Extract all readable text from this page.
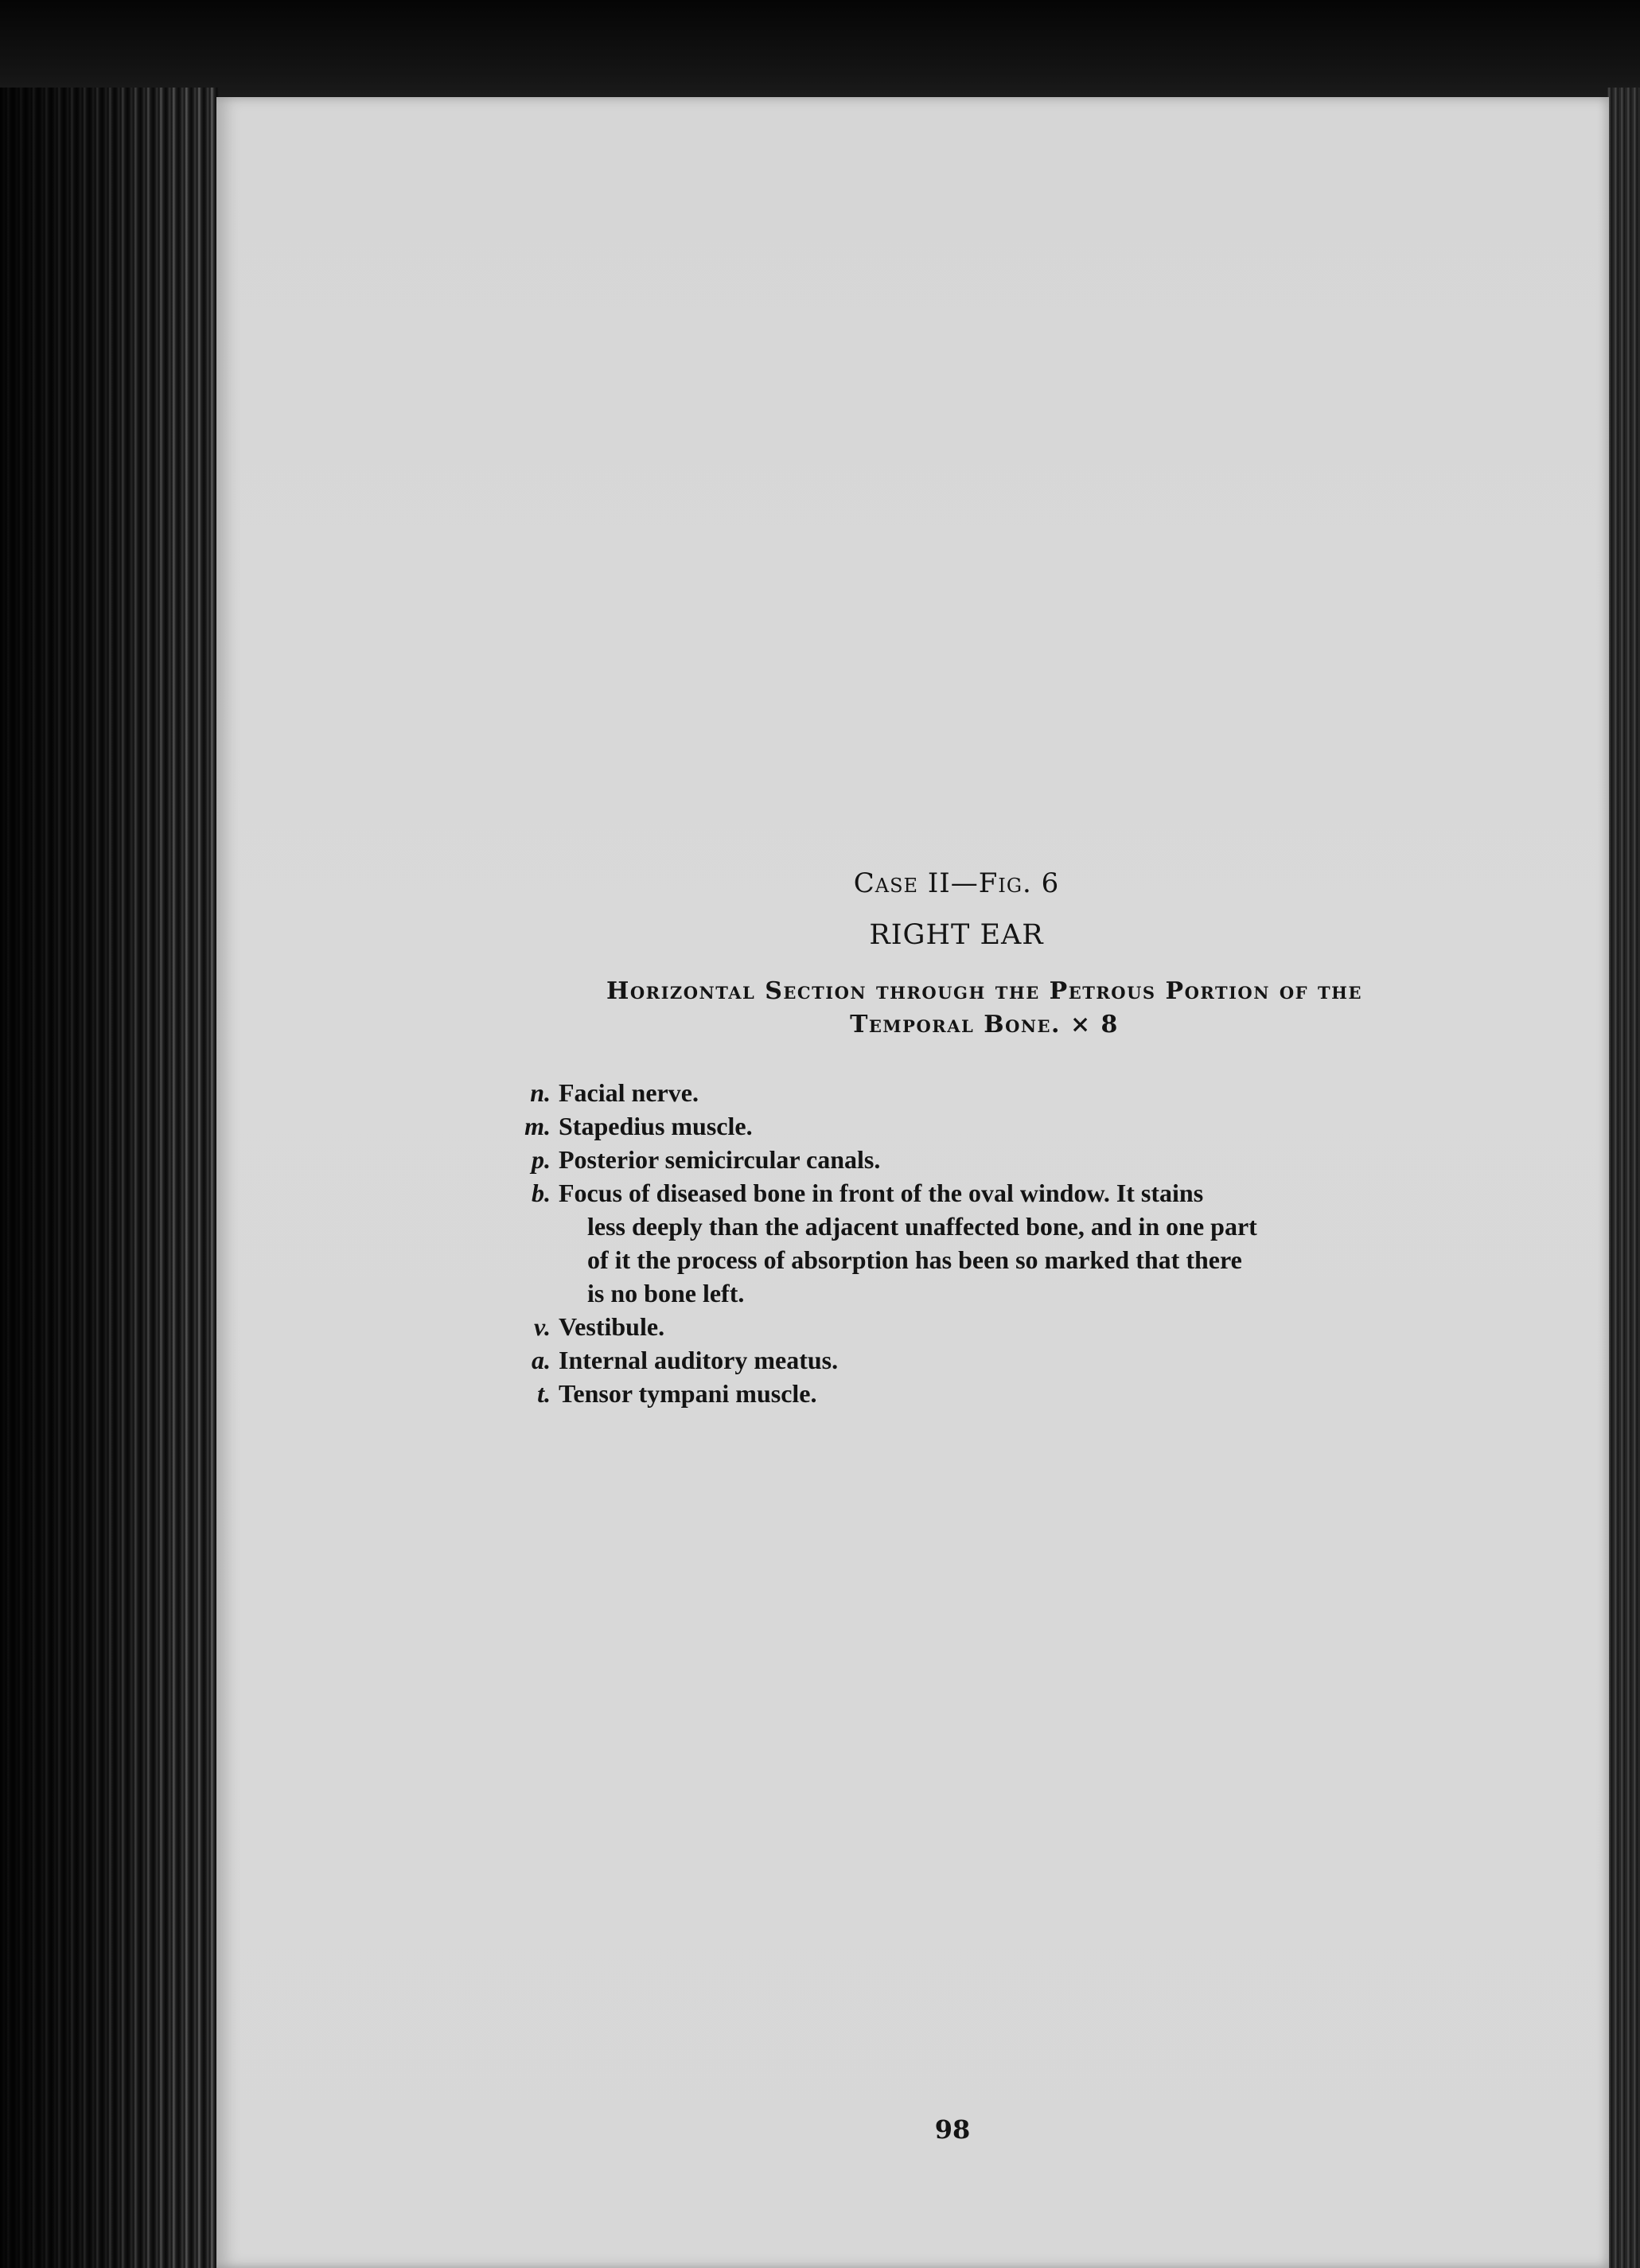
Case II—Fig. 6
RIGHT EAR
Horizontal Section through the Petrous Portion of the
Temporal Bone. × 8
n. Facial nerve.
m. Stapedius muscle.
p. Posterior semicircular canals.
b. Focus of diseased bone in front of the oval window. It stains
less deeply than the adjacent unaffected bone, and in one part
of it the process of absorption has been so marked that there
is no bone left.
v. Vestibule.
a. Internal auditory meatus.
t. Tensor tympani muscle.
98
